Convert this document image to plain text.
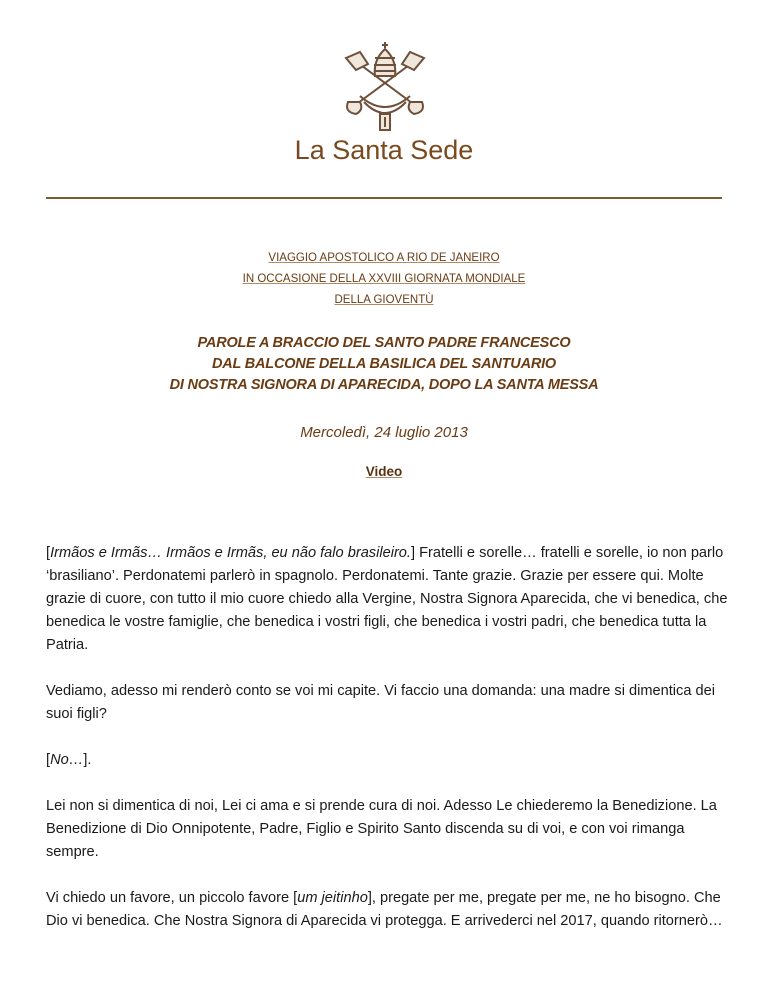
La Santa Sede
VIAGGIO APOSTOLICO A RIO DE JANEIRO
IN OCCASIONE DELLA XXVIII GIORNATA MONDIALE
DELLA GIOVENTÙ
PAROLE A BRACCIO DEL SANTO PADRE FRANCESCO
DAL BALCONE DELLA BASILICA DEL SANTUARIO
DI NOSTRA SIGNORA DI APARECIDA, DOPO LA SANTA MESSA
Mercoledì, 24 luglio 2013
Video

[Irmãos e Irmãs… Irmãos e Irmãs, eu não falo brasileiro.] Fratelli e sorelle… fratelli e sorelle, io non parlo ‘brasiliano’. Perdonatemi parlerò in spagnolo. Perdonatemi. Tante grazie. Grazie per essere qui. Molte grazie di cuore, con tutto il mio cuore chiedo alla Vergine, Nostra Signora Aparecida, che vi benedica, che benedica le vostre famiglie, che benedica i vostri figli, che benedica i vostri padri, che benedica tutta la Patria.

Vediamo, adesso mi renderò conto se voi mi capite. Vi faccio una domanda: una madre si dimentica dei suoi figli?

[No…].

Lei non si dimentica di noi, Lei ci ama e si prende cura di noi. Adesso Le chiederemo la Benedizione. La Benedizione di Dio Onnipotente, Padre, Figlio e Spirito Santo discenda su di voi, e con voi rimanga sempre.

Vi chiedo un favore, un piccolo favore [um jeitinho], pregate per me, pregate per me, ne ho bisogno. Che Dio vi benedica. Che Nostra Signora di Aparecida vi protegga. E arrivederci nel 2017, quando ritornerò…
